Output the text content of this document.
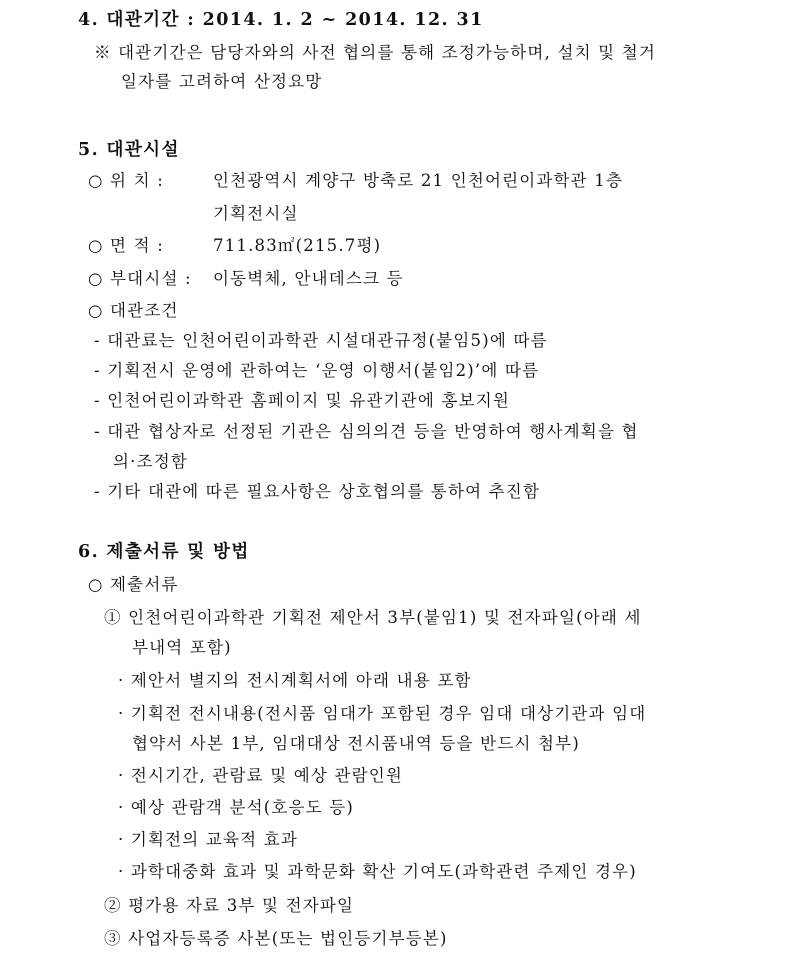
4. 대관기간 : 2014. 1. 2 ~ 2014. 12. 31
※ 대관기간은 담당자와의 사전 협의를 통해 조정가능하며, 설치 및 철거
일자를 고려하여 산정요망
5. 대관시설
○ 위 치 :	인천광역시 계양구 방축로 21 인천어린이과학관 1층
기획전시실
○ 면 적 :	711.83㎡(215.7평)
○ 부대시설 : 이동벽체, 안내데스크 등
○ 대관조건
- 대관료는 인천어린이과학관 시설대관규정(붙임5)에 따름
- 기획전시 운영에 관하여는 ‘운영 이행서(붙임2)’에 따름
- 인천어린이과학관 홈페이지 및 유관기관에 홍보지원
- 대관 협상자로 선정된 기관은 심의의견 등을 반영하여 행사계획을 협
의·조정함
- 기타 대관에 따른 필요사항은 상호협의를 통하여 추진함
6. 제출서류 및 방법
○ 제출서류
① 인천어린이과학관 기획전 제안서 3부(붙임1) 및 전자파일(아래 세
부내역 포함)
· 제안서 별지의 전시계획서에 아래 내용 포함
· 기획전 전시내용(전시품 임대가 포함된 경우 임대 대상기관과 임대
협약서 사본 1부, 임대대상 전시품내역 등을 반드시 첨부)
· 전시기간, 관람료 및 예상 관람인원
· 예상 관람객 분석(호응도 등)
· 기획전의 교육적 효과
· 과학대중화 효과 및 과학문화 확산 기여도(과학관련 주제인 경우)
② 평가용 자료 3부 및 전자파일
③ 사업자등록증 사본(또는 법인등기부등본)
